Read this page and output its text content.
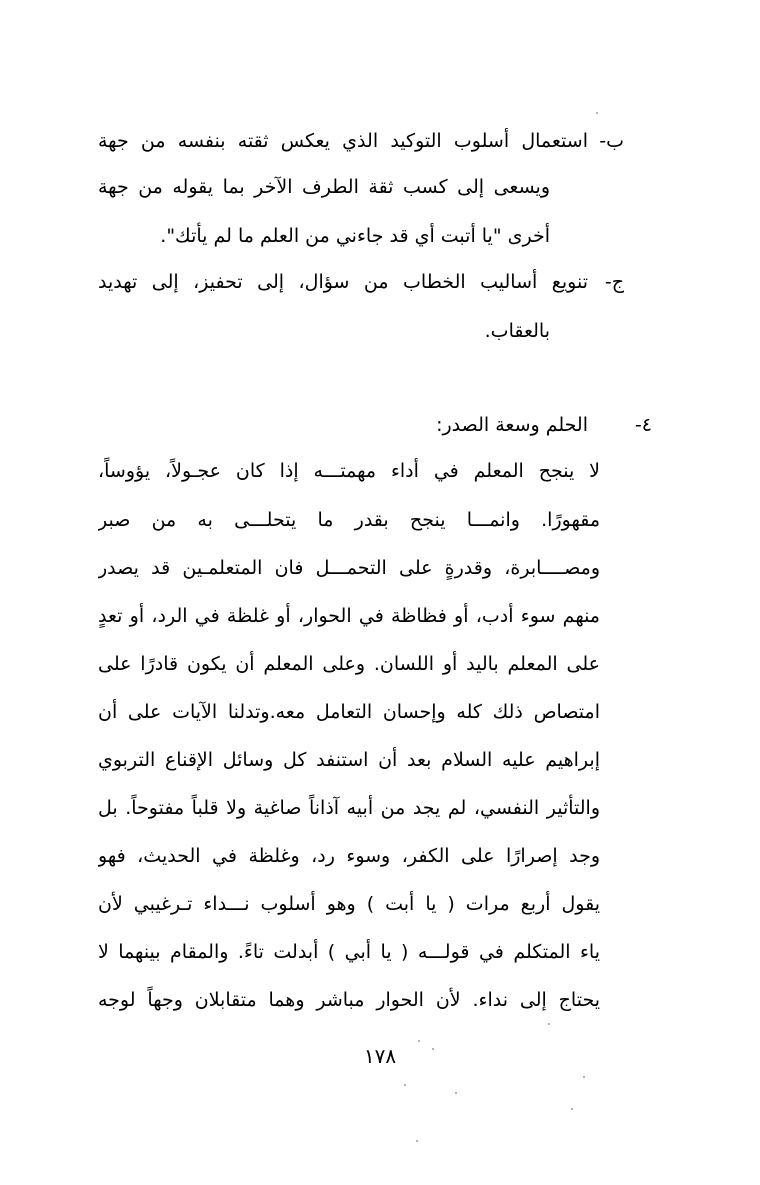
ب-
استعمال أسلوب التوكيد الذي يعكس ثقته بنفسه من جهة
ويسعى إلى كسب ثقة الطرف الآخر بما يقوله من جهة
أخرى "يا أتبت أي قد جاءني من العلم ما لم يأتك".
ج-
تنويع أساليب الخطاب من سؤال، إلى تحفيز، إلى تهديد
بالعقاب.
٤-
الحلم وسعة الصدر:
لا ينجح المعلم في أداء مهمتـــه إذا كان عجـولاً، يؤوساً،
مقهورًا. وانمـــا ينجح بقدر ما يتحلـــى به من صبر
ومصــــابرة، وقدرةٍ على التحمـــل فان المتعلمـين قد يصدر
منهم سوء أدب، أو فظاظة في الحوار، أو غلظة في الرد، أو تعدٍ
على المعلم باليد أو اللسان. وعلى المعلم أن يكون قادرًا على
امتصاص ذلك كله وإحسان التعامل معه.وتدلنا الآيات على أن
إبراهيم عليه السلام بعد أن استنفد كل وسائل الإقناع التربوي
والتأثير النفسي، لم يجد من أبيه آذاناً صاغية ولا قلباً مفتوحاً. بل
وجد إصرارًا على الكفر، وسوء رد، وغلظة في الحديث، فهو
يقول أربع مرات ( يا أبت ) وهو أسلوب نـــداء تـرغيبي لأن
ياء المتكلم في قولـــه ( يا أبي ) أبدلت تاءً. والمقام بينهما لا
يحتاج إلى نداء. لأن الحوار مباشر وهما متقابلان وجهاً لوجه
١٧٨
